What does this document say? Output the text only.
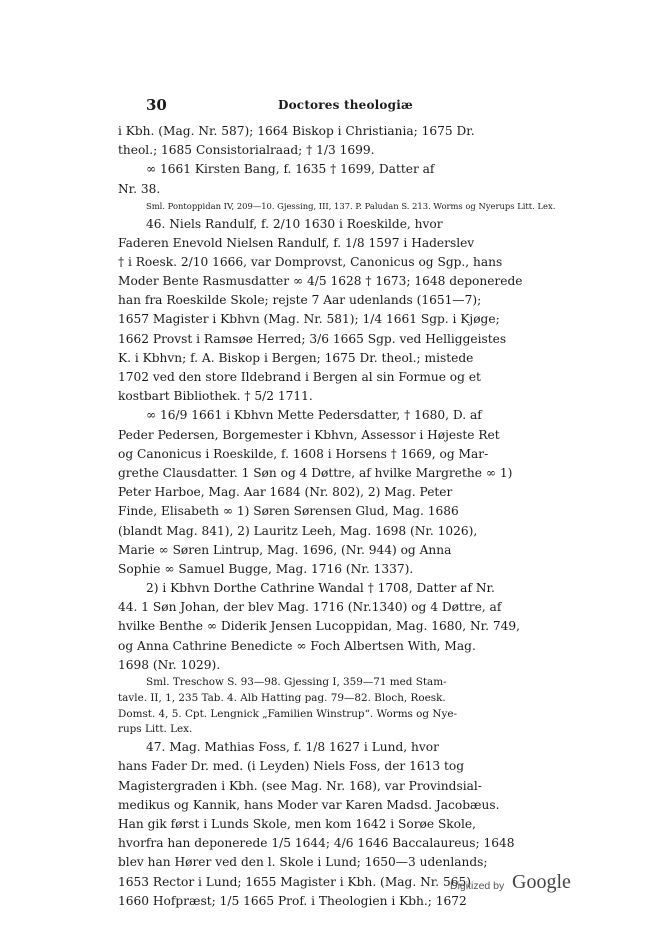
30	Doctores theologiæ
i Kbh. (Mag. Nr. 587); 1664 Biskop i Christiania; 1675 Dr.
theol.; 1685 Consistorialraad; † 1/3 1699.
∞ 1661 Kirsten Bang, f. 1635 † 1699, Datter af
Nr. 38.
Sml. Pontoppidan IV, 209—10. Gjessing, III, 137. P. Paludan S. 213. Worms og Nyerups Litt. Lex.
46. Niels Randulf, f. 2/10 1630 i Roeskilde, hvor
Faderen Enevold Nielsen Randulf, f. 1/8 1597 i Haderslev
† i Roesk. 2/10 1666, var Domprovst, Canonicus og Sgp., hans
Moder Bente Rasmusdatter ∞ 4/5 1628 † 1673; 1648 deponerede
han fra Roeskilde Skole; rejste 7 Aar udenlands (1651—7);
1657 Magister i Kbhvn (Mag. Nr. 581); 1/4 1661 Sgp. i Kjøge;
1662 Provst i Ramsøe Herred; 3/6 1665 Sgp. ved Helliggeistes
K. i Kbhvn; f. A. Biskop i Bergen; 1675 Dr. theol.; mistede
1702 ved den store Ildebrand i Bergen al sin Formue og et
kostbart Bibliothek. † 5/2 1711.
∞ 16/9 1661 i Kbhvn Mette Pedersdatter, † 1680, D. af
Peder Pedersen, Borgemester i Kbhvn, Assessor i Højeste Ret
og Canonicus i Roeskilde, f. 1608 i Horsens † 1669, og Mar-
grethe Clausdatter. 1 Søn og 4 Døttre, af hvilke Margrethe ∞ 1)
Peter Harboe, Mag. Aar 1684 (Nr. 802), 2) Mag. Peter
Finde, Elisabeth ∞ 1) Søren Sørensen Glud, Mag. 1686
(blandt Mag. 841), 2) Lauritz Leeh, Mag. 1698 (Nr. 1026),
Marie ∞ Søren Lintrup, Mag. 1696, (Nr. 944) og Anna
Sophie ∞ Samuel Bugge, Mag. 1716 (Nr. 1337).
2) i Kbhvn Dorthe Cathrine Wandal † 1708, Datter af Nr.
44. 1 Søn Johan, der blev Mag. 1716 (Nr.1340) og 4 Døttre, af
hvilke Benthe ∞ Diderik Jensen Lucoppidan, Mag. 1680, Nr. 749,
og Anna Cathrine Benedicte ∞ Foch Albertsen With, Mag.
1698 (Nr. 1029).
Sml. Treschow S. 93—98. Gjessing I, 359—71 med Stam-
tavle. II, 1, 235 Tab. 4. Alb Hatting pag. 79—82. Bloch, Roesk.
Domst. 4, 5. Cpt. Lengnick „Familien Winstrup“. Worms og Nye-
rups Litt. Lex.
47. Mag. Mathias Foss, f. 1/8 1627 i Lund, hvor
hans Fader Dr. med. (i Leyden) Niels Foss, der 1613 tog
Magistergraden i Kbh. (see Mag. Nr. 168), var Provindsial-
medikus og Kannik, hans Moder var Karen Madsd. Jacobæus.
Han gik først i Lunds Skole, men kom 1642 i Sorøe Skole,
hvorfra han deponerede 1/5 1644; 4/6 1646 Baccalaureus; 1648
blev han Hører ved den l. Skole i Lund; 1650—3 udenlands;
1653 Rector i Lund; 1655 Magister i Kbh. (Mag. Nr. 565)
1660 Hofpræst; 1/5 1665 Prof. i Theologien i Kbh.; 1672
Digitized by Google
